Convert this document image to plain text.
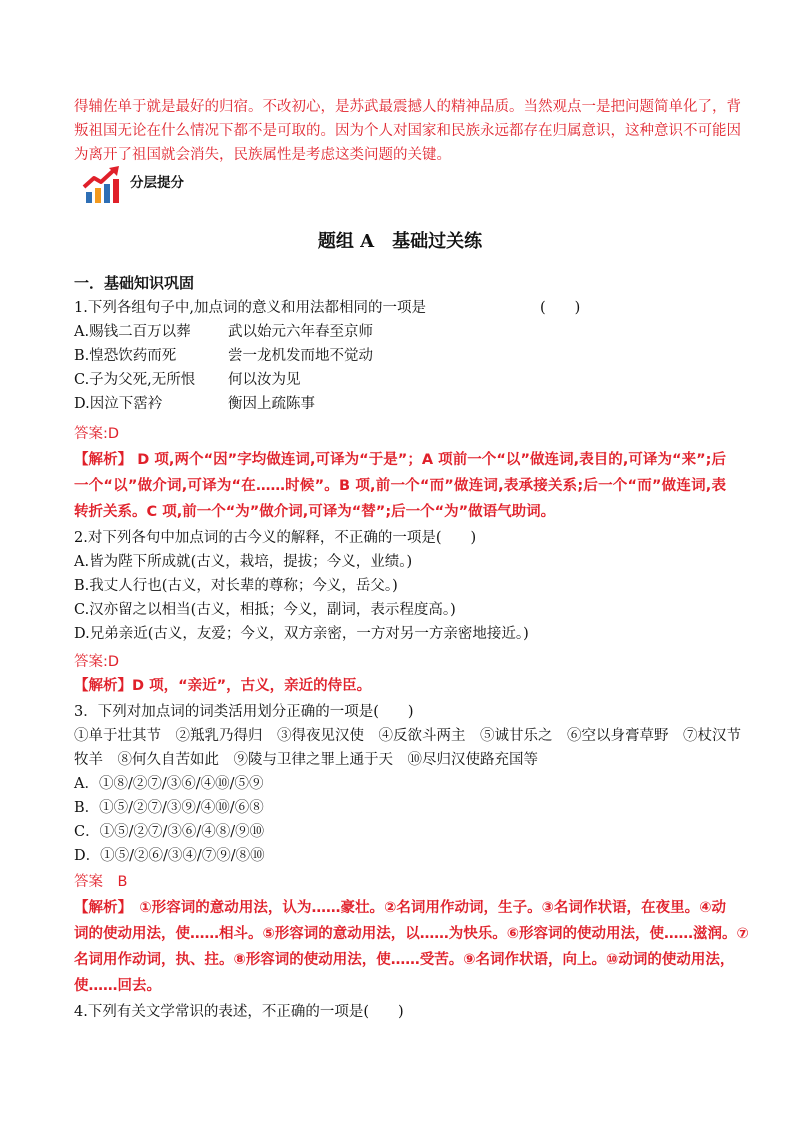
得辅佐单于就是最好的归宿。不改初心，是苏武最震撼人的精神品质。当然观点一是把问题简单化了，背
叛祖国无论在什么情况下都不是可取的。因为个人对国家和民族永远都存在归属意识，这种意识不可能因
为离开了祖国就会消失，民族属性是考虑这类问题的关键。
分层提分
题组 A　基础过关练
一．基础知识巩固
1.下列各组句子中,加点词的意义和用法都相同的一项是	(　　)
A.赐钱二百万以葬	武以始元六年春至京师
B.惶恐饮药而死	尝一龙机发而地不觉动
C.子为父死,无所恨 何以汝为见
D.因泣下霑衿	衡因上疏陈事
答案:D
【解析】 D 项,两个“因”字均做连词,可译为“于是”；A 项前一个“以”做连词,表目的,可译为“来”;后
一个“以”做介词,可译为“在……时候”。B 项,前一个“而”做连词,表承接关系;后一个“而”做连词,表
转折关系。C 项,前一个“为”做介词,可译为“替”;后一个“为”做语气助词。
2.对下列各句中加点词的古今义的解释，不正确的一项是(　　)
A.皆为陛下所成就(古义，栽培，提拔；今义，业绩。)
B.我丈人行也(古义，对长辈的尊称；今义，岳父。)
C.汉亦留之以相当(古义，相抵；今义，副词，表示程度高。)
D.兄弟亲近(古义，友爱；今义，双方亲密，一方对另一方亲密地接近。)
答案:D
【解析】D 项，“亲近”，古义，亲近的侍臣。
3．下列对加点词的词类活用划分正确的一项是(　　)
①单于壮其节　②羝乳乃得归　③得夜见汉使　④反欲斗两主　⑤诚甘乐之　⑥空以身膏草野　⑦杖汉节
牧羊　⑧何久自苦如此　⑨陵与卫律之罪上通于天　⑩尽归汉使路充国等
A．①⑧/②⑦/③⑥/④⑩/⑤⑨
B．①⑤/②⑦/③⑨/④⑩/⑥⑧
C．①⑤/②⑦/③⑥/④⑧/⑨⑩
D．①⑤/②⑥/③④/⑦⑨/⑧⑩
答案　B
【解析】　①形容词的意动用法，认为……豪壮。②名词用作动词，生子。③名词作状语，在夜里。④动
词的使动用法，使……相斗。⑤形容词的意动用法，以……为快乐。⑥形容词的使动用法，使……滋润。⑦
名词用作动词，执、拄。⑧形容词的使动用法，使……受苦。⑨名词作状语，向上。⑩动词的使动用法，
使……回去。
4.下列有关文学常识的表述，不正确的一项是(　　)
